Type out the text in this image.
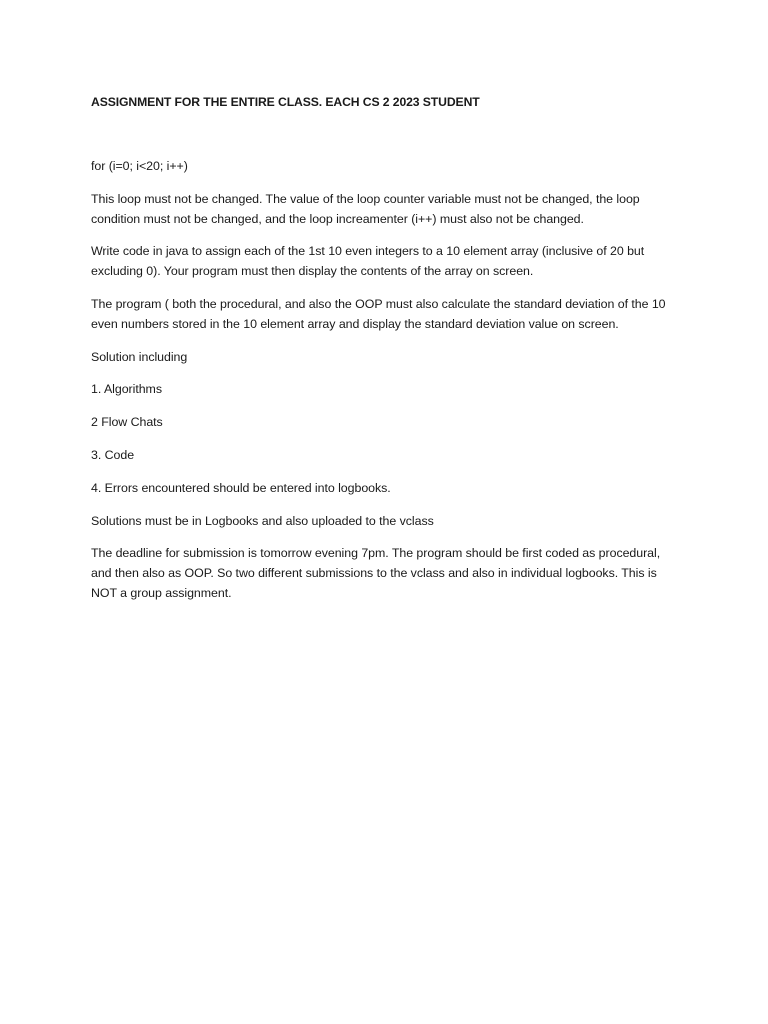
ASSIGNMENT FOR THE ENTIRE CLASS. EACH CS 2 2023 STUDENT

for (i=0; i<20; i++)

This loop must not be changed. The value of the loop counter variable must not be changed, the loop condition must not be changed, and the loop increamenter (i++) must also not be changed.

Write code in java to assign each of the 1st 10 even integers to a 10 element array (inclusive of 20 but excluding 0). Your program must then display the contents of the array on screen.

The program ( both the procedural, and also the OOP must also calculate the standard deviation of the 10 even numbers stored in the 10 element array and display the standard deviation value on screen.

Solution including

1. Algorithms

2 Flow Chats

3. Code

4. Errors encountered should be entered into logbooks.

Solutions must be in Logbooks and also uploaded to the vclass

The deadline for submission is tomorrow evening 7pm. The program should be first coded as procedural, and then also as OOP. So two different submissions to the vclass and also in individual logbooks. This is NOT a group assignment.
